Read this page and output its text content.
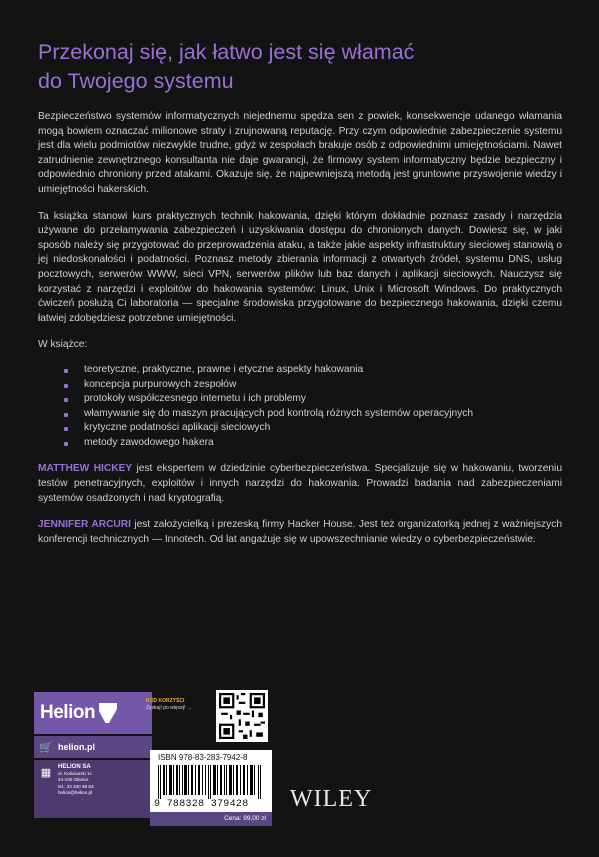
Przekonaj się, jak łatwo jest się włamać
do Twojego systemu

Bezpieczeństwo systemów informatycznych niejednemu spędza sen z powiek, konsekwencje udanego włamania mogą bowiem oznaczać milionowe straty i zrujnowaną reputację. Przy czym odpowiednie zabezpieczenie systemu jest dla wielu podmiotów niezwykle trudne, gdyż w zespołach brakuje osób z odpowiednimi umiejętnościami. Nawet zatrudnienie zewnętrznego konsultanta nie daje gwarancji, że firmowy system informatyczny będzie bezpieczny i odpowiednio chroniony przed atakami. Okazuje się, że najpewniejszą metodą jest gruntowne przyswojenie wiedzy i umiejętności hakerskich.

Ta książka stanowi kurs praktycznych technik hakowania, dzięki którym dokładnie poznasz zasady i narzędzia używane do przełamywania zabezpieczeń i uzyskiwania dostępu do chronionych danych. Dowiesz się, w jaki sposób należy się przygotować do przeprowadzenia ataku, a także jakie aspekty infrastruktury sieciowej stanowią o jej niedoskonałości i podatności. Poznasz metody zbierania informacji z otwartych źródeł, systemu DNS, usług pocztowych, serwerów WWW, sieci VPN, serwerów plików lub baz danych i aplikacji sieciowych. Nauczysz się korzystać z narzędzi i exploitów do hakowania systemów: Linux, Unix i Microsoft Windows. Do praktycznych ćwiczeń posłużą Ci laboratoria — specjalne środowiska przygotowane do bezpiecznego hakowania, dzięki czemu łatwiej zdobędziesz potrzebne umiejętności.

W książce:

teoretyczne, praktyczne, prawne i etyczne aspekty hakowania
koncepcja purpurowych zespołów
protokoły współczesnego internetu i ich problemy
włamywanie się do maszyn pracujących pod kontrolą różnych systemów operacyjnych
krytyczne podatności aplikacji sieciowych
metody zawodowego hakera

MATTHEW HICKEY jest ekspertem w dziedzinie cyberbezpieczeństwa. Specjalizuje się w hakowaniu, tworzeniu testów penetracyjnych, exploitów i innych narzędzi do hakowania. Prowadzi badania nad zabezpieczeniami systemów osadzonych i nad kryptografią.

JENNIFER ARCURI jest założycielką i prezeską firmy Hacker House. Jest też organizatorką jednej z ważniejszych konferencji technicznych — Innotech. Od lat angażuje się w upowszechnianie wiedzy o cyberbezpieczeństwie.

Helion
🛒 helion.pl
▦	HELION SA
ul. Kościuszki 1c
44-100 Gliwice
tel.: 32 230 98 63
helion@helion.pl
KOD KORZYŚCI
Zyskaj! po więcej! →
ISBN 978-83-283-7942-8
9 788328 379428
Cena: 99,00 zł
WILEY
